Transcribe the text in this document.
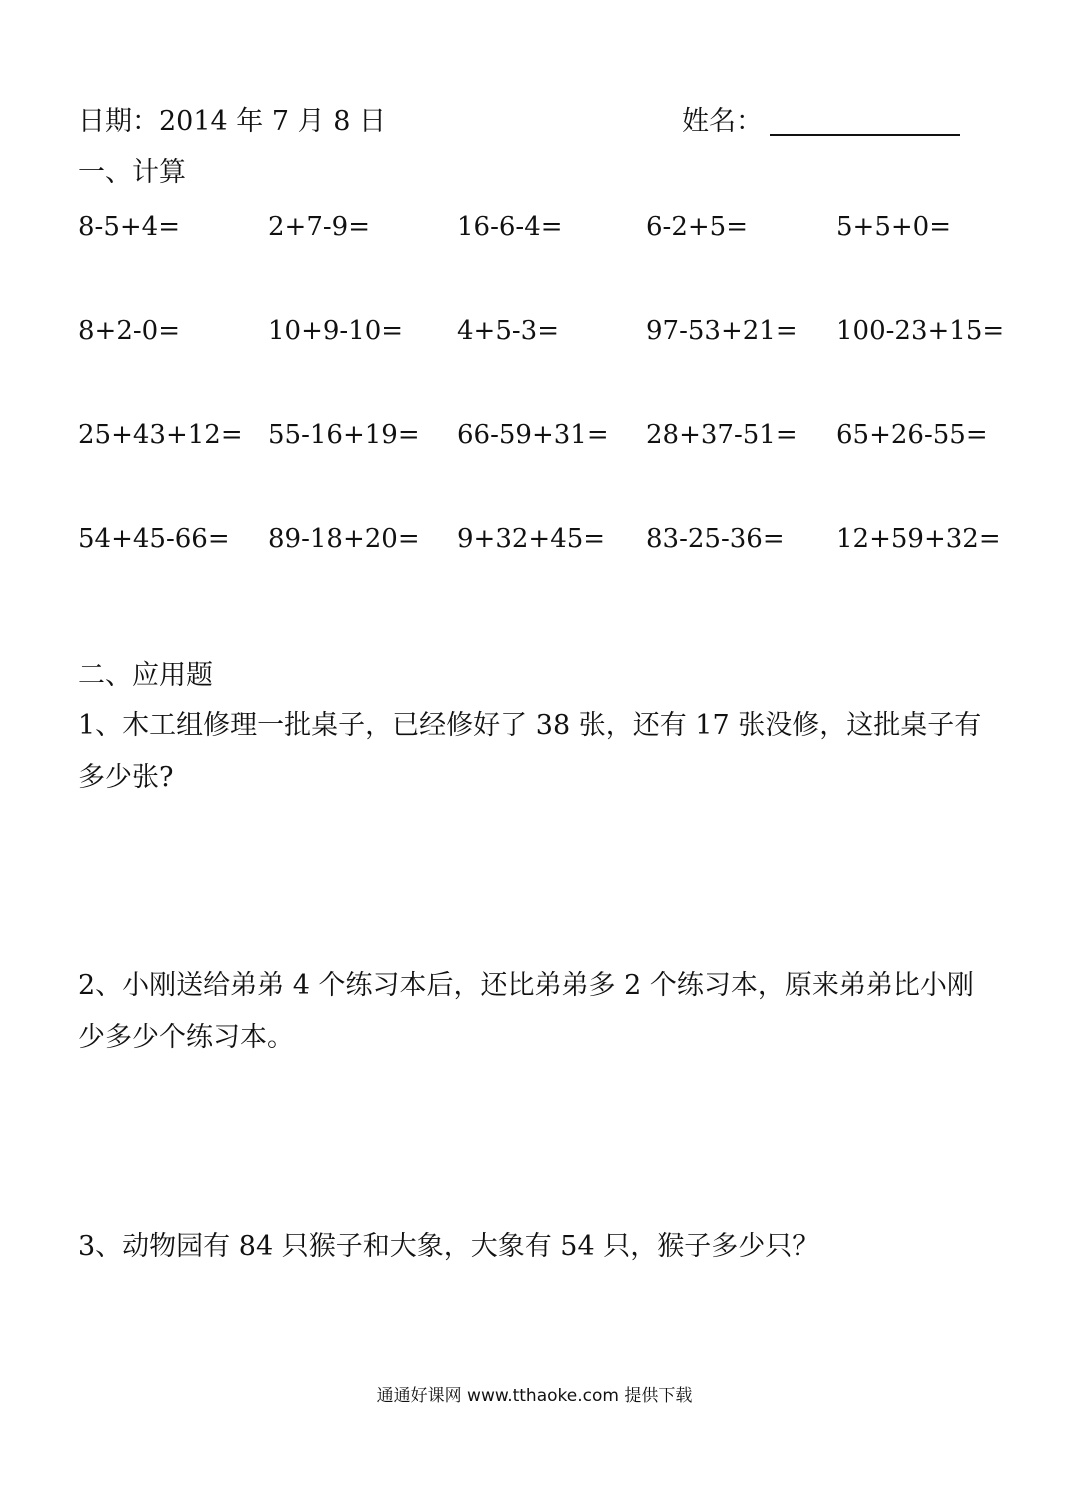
日期：2014 年 7 月 8 日	姓名：
一、计算
8-5+4=	2+7-9=	16-6-4=	6-2+5=	5+5+0=
8+2-0=	10+9-10= 4+5-3=	97-53+21= 100-23+15=
25+43+12= 55-16+19= 66-59+31= 28+37-51= 65+26-55=
54+45-66= 89-18+20= 9+32+45= 83-25-36= 12+59+32=
二、应用题
1、木工组修理一批桌子，已经修好了 38 张，还有 17 张没修，这批桌子有多少张?
2、小刚送给弟弟 4 个练习本后，还比弟弟多 2 个练习本，原来弟弟比小刚少多少个练习本。
3、动物园有 84 只猴子和大象，大象有 54 只，猴子多少只？
通通好课网 www.tthaoke.com 提供下载
